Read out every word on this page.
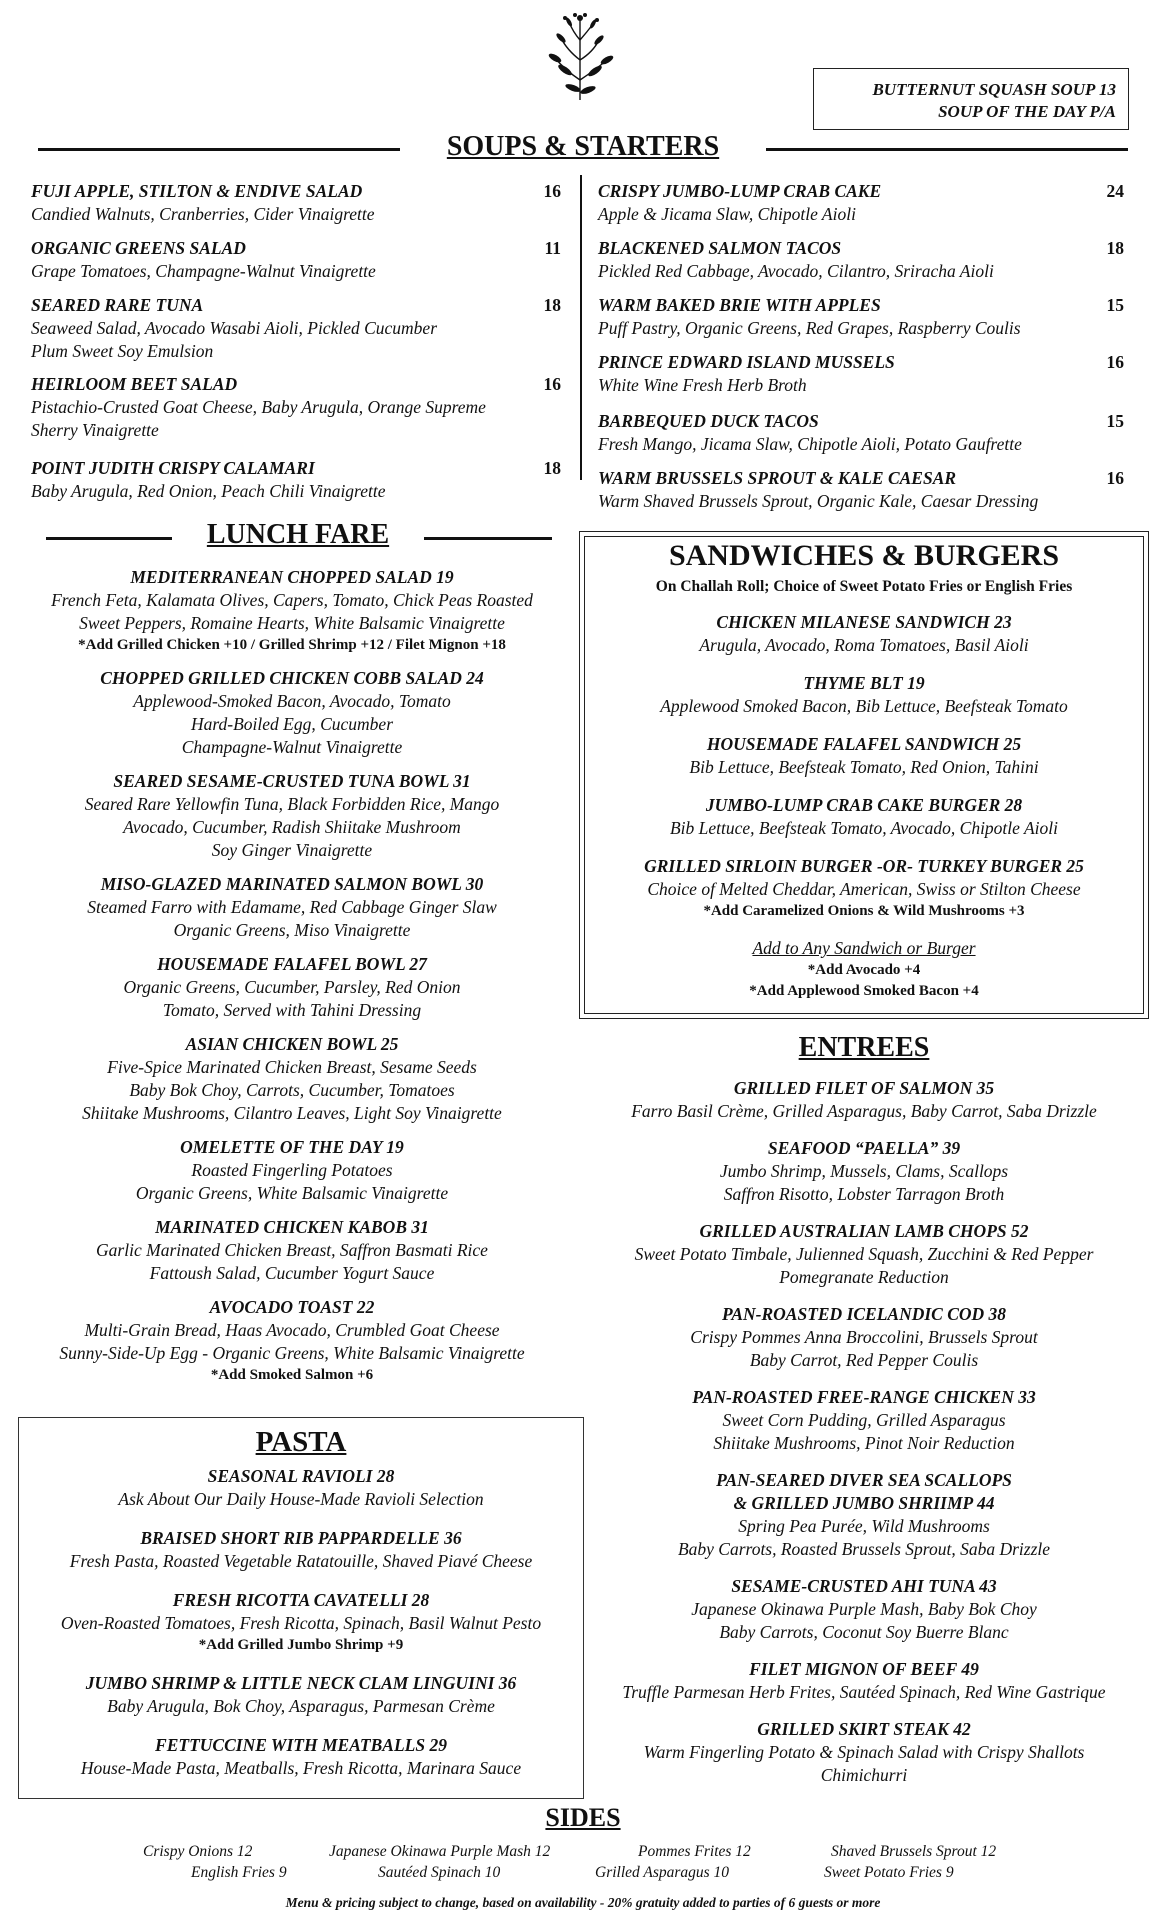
BUTTERNUT SQUASH SOUP 13
SOUP OF THE DAY P/A
SOUPS & STARTERS
FUJI APPLE, STILTON & ENDIVE SALAD	16
Candied Walnuts, Cranberries, Cider Vinaigrette
ORGANIC GREENS SALAD	11
Grape Tomatoes, Champagne-Walnut Vinaigrette
SEARED RARE TUNA	18
Seaweed Salad, Avocado Wasabi Aioli, Pickled Cucumber
Plum Sweet Soy Emulsion
HEIRLOOM BEET SALAD	16
Pistachio-Crusted Goat Cheese, Baby Arugula, Orange Supreme
Sherry Vinaigrette
POINT JUDITH CRISPY CALAMARI	18
Baby Arugula, Red Onion, Peach Chili Vinaigrette
CRISPY JUMBO-LUMP CRAB CAKE	24
Apple & Jicama Slaw, Chipotle Aioli
BLACKENED SALMON TACOS	18
Pickled Red Cabbage, Avocado, Cilantro, Sriracha Aioli
WARM BAKED BRIE WITH APPLES	15
Puff Pastry, Organic Greens, Red Grapes, Raspberry Coulis
PRINCE EDWARD ISLAND MUSSELS	16
White Wine Fresh Herb Broth
BARBEQUED DUCK TACOS	15
Fresh Mango, Jicama Slaw, Chipotle Aioli, Potato Gaufrette
WARM BRUSSELS SPROUT & KALE CAESAR	16
Warm Shaved Brussels Sprout, Organic Kale, Caesar Dressing
LUNCH FARE
MEDITERRANEAN CHOPPED SALAD 19
French Feta, Kalamata Olives, Capers, Tomato, Chick Peas Roasted
Sweet Peppers, Romaine Hearts, White Balsamic Vinaigrette
*Add Grilled Chicken +10 / Grilled Shrimp +12 / Filet Mignon +18
CHOPPED GRILLED CHICKEN COBB SALAD 24
Applewood-Smoked Bacon, Avocado, Tomato
Hard-Boiled Egg, Cucumber
Champagne-Walnut Vinaigrette
SEARED SESAME-CRUSTED TUNA BOWL 31
Seared Rare Yellowfin Tuna, Black Forbidden Rice, Mango
Avocado, Cucumber, Radish Shiitake Mushroom
Soy Ginger Vinaigrette
MISO-GLAZED MARINATED SALMON BOWL 30
Steamed Farro with Edamame, Red Cabbage Ginger Slaw
Organic Greens, Miso Vinaigrette
HOUSEMADE FALAFEL BOWL 27
Organic Greens, Cucumber, Parsley, Red Onion
Tomato, Served with Tahini Dressing
ASIAN CHICKEN BOWL 25
Five-Spice Marinated Chicken Breast, Sesame Seeds
Baby Bok Choy, Carrots, Cucumber, Tomatoes
Shiitake Mushrooms, Cilantro Leaves, Light Soy Vinaigrette
OMELETTE OF THE DAY 19
Roasted Fingerling Potatoes
Organic Greens, White Balsamic Vinaigrette
MARINATED CHICKEN KABOB 31
Garlic Marinated Chicken Breast, Saffron Basmati Rice
Fattoush Salad, Cucumber Yogurt Sauce
AVOCADO TOAST 22
Multi-Grain Bread, Haas Avocado, Crumbled Goat Cheese
Sunny-Side-Up Egg - Organic Greens, White Balsamic Vinaigrette
*Add Smoked Salmon +6
SANDWICHES & BURGERS
On Challah Roll; Choice of Sweet Potato Fries or English Fries
CHICKEN MILANESE SANDWICH 23
Arugula, Avocado, Roma Tomatoes, Basil Aioli
THYME BLT 19
Applewood Smoked Bacon, Bib Lettuce, Beefsteak Tomato
HOUSEMADE FALAFEL SANDWICH 25
Bib Lettuce, Beefsteak Tomato, Red Onion, Tahini
JUMBO-LUMP CRAB CAKE BURGER 28
Bib Lettuce, Beefsteak Tomato, Avocado, Chipotle Aioli
GRILLED SIRLOIN BURGER -OR- TURKEY BURGER 25
Choice of Melted Cheddar, American, Swiss or Stilton Cheese
*Add Caramelized Onions & Wild Mushrooms +3
Add to Any Sandwich or Burger
*Add Avocado +4
*Add Applewood Smoked Bacon +4
ENTREES
GRILLED FILET OF SALMON 35
Farro Basil Crème, Grilled Asparagus, Baby Carrot, Saba Drizzle
SEAFOOD “PAELLA” 39
Jumbo Shrimp, Mussels, Clams, Scallops
Saffron Risotto, Lobster Tarragon Broth
GRILLED AUSTRALIAN LAMB CHOPS 52
Sweet Potato Timbale, Julienned Squash, Zucchini & Red Pepper
Pomegranate Reduction
PAN-ROASTED ICELANDIC COD 38
Crispy Pommes Anna Broccolini, Brussels Sprout
Baby Carrot, Red Pepper Coulis
PAN-ROASTED FREE-RANGE CHICKEN 33
Sweet Corn Pudding, Grilled Asparagus
Shiitake Mushrooms, Pinot Noir Reduction
PAN-SEARED DIVER SEA SCALLOPS
& GRILLED JUMBO SHRIIMP 44
Spring Pea Purée, Wild Mushrooms
Baby Carrots, Roasted Brussels Sprout, Saba Drizzle
SESAME-CRUSTED AHI TUNA 43
Japanese Okinawa Purple Mash, Baby Bok Choy
Baby Carrots, Coconut Soy Buerre Blanc
FILET MIGNON OF BEEF 49
Truffle Parmesan Herb Frites, Sautéed Spinach, Red Wine Gastrique
GRILLED SKIRT STEAK 42
Warm Fingerling Potato & Spinach Salad with Crispy Shallots
Chimichurri
PASTA
SEASONAL RAVIOLI 28
Ask About Our Daily House-Made Ravioli Selection
BRAISED SHORT RIB PAPPARDELLE 36
Fresh Pasta, Roasted Vegetable Ratatouille, Shaved Piavé Cheese
FRESH RICOTTA CAVATELLI 28
Oven-Roasted Tomatoes, Fresh Ricotta, Spinach, Basil Walnut Pesto
*Add Grilled Jumbo Shrimp +9
JUMBO SHRIMP & LITTLE NECK CLAM LINGUINI 36
Baby Arugula, Bok Choy, Asparagus, Parmesan Crème
FETTUCCINE WITH MEATBALLS 29
House-Made Pasta, Meatballs, Fresh Ricotta, Marinara Sauce
SIDES
Crispy Onions 12	Japanese Okinawa Purple Mash 12	Pommes Frites 12	Shaved Brussels Sprout 12
English Fries 9	Sautéed Spinach 10	Grilled Asparagus 10	Sweet Potato Fries 9
Menu & pricing subject to change, based on availability - 20% gratuity added to parties of 6 guests or more
